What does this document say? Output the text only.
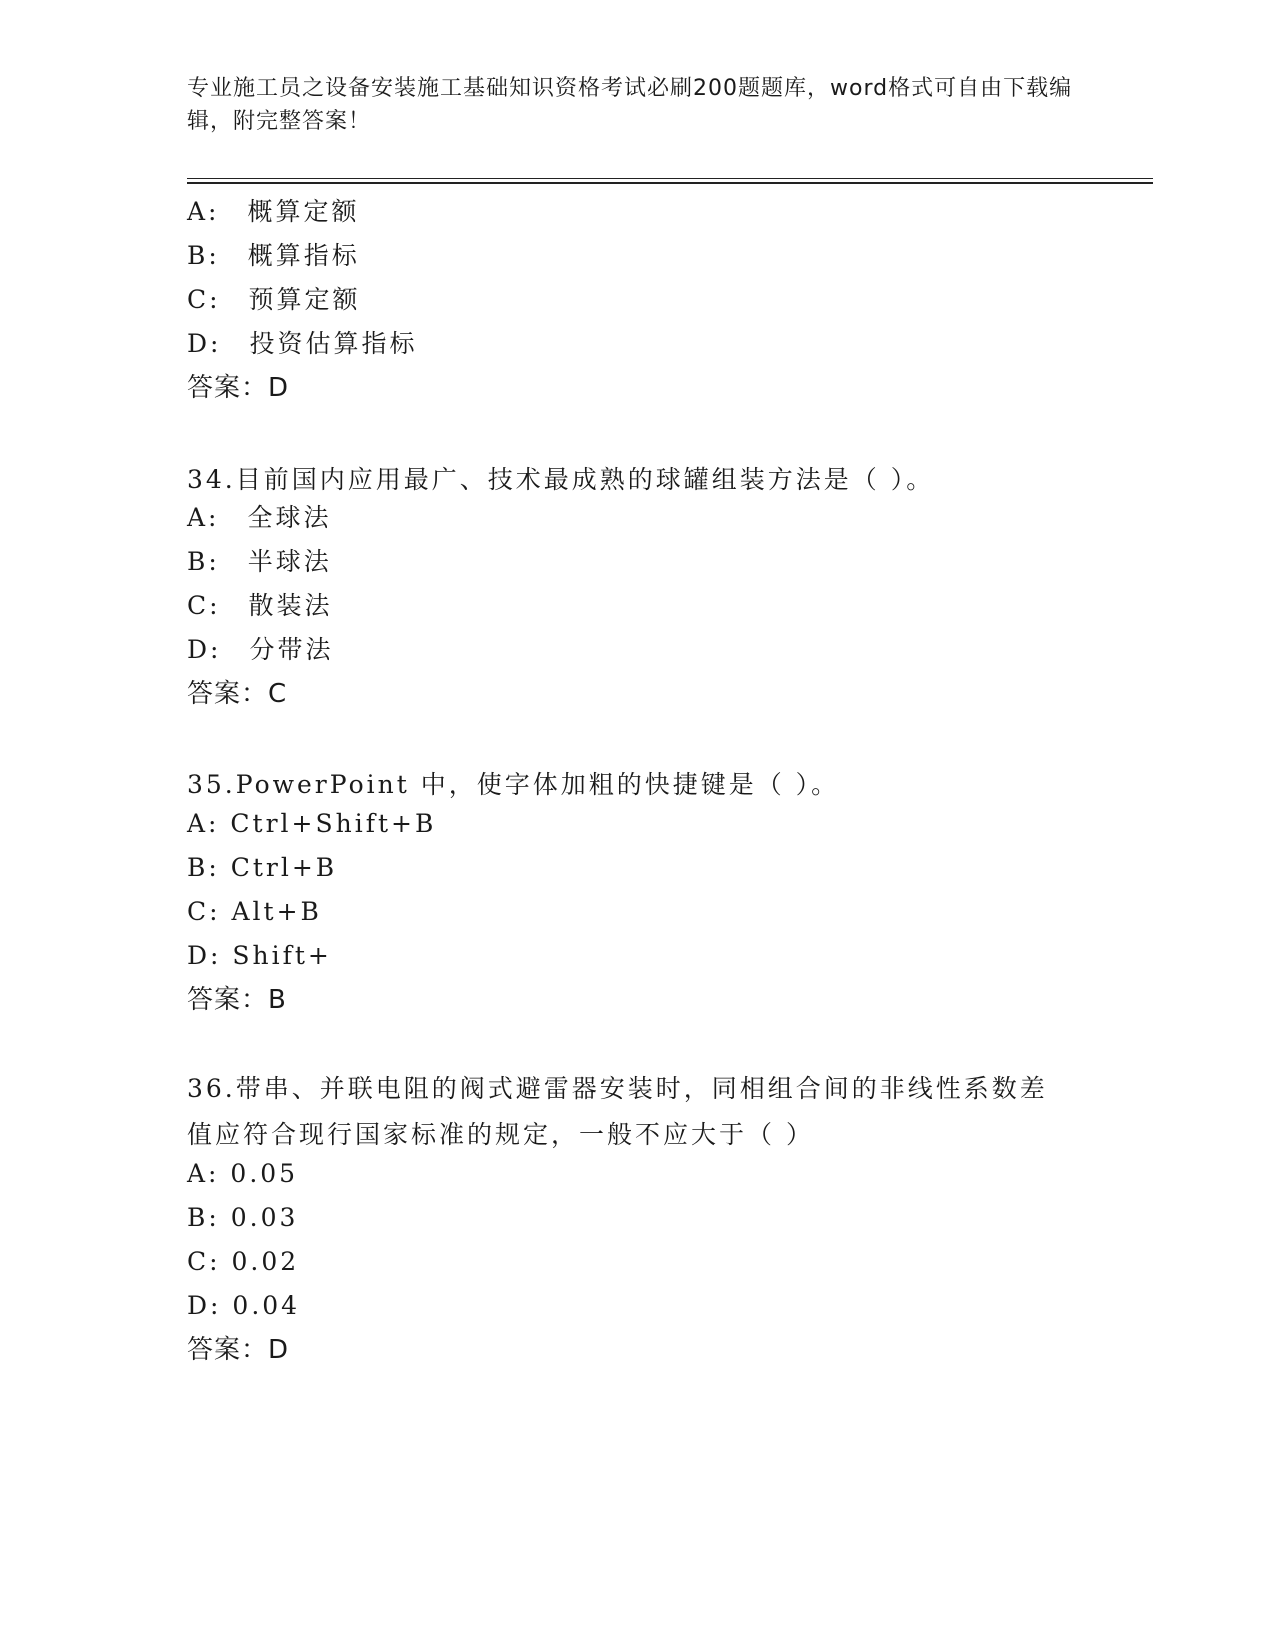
专业施工员之设备安装施工基础知识资格考试必刷200题题库，word格式可自由下载编辑，附完整答案！
A:　概算定额
B:　概算指标
C:　预算定额
D:　投资估算指标
答案：D
34.目前国内应用最广、技术最成熟的球罐组装方法是（ ）。
A:　全球法
B:　半球法
C:　散装法
D:　分带法
答案：C
35.PowerPoint 中，使字体加粗的快捷键是（ ）。
A: Ctrl+Shift+B
B: Ctrl+B
C: Alt+B
D: Shift+
答案：B
36.带串、并联电阻的阀式避雷器安装时，同相组合间的非线性系数差值应符合现行国家标准的规定，一般不应大于（ ）
A: 0.05
B: 0.03
C: 0.02
D: 0.04
答案：D
